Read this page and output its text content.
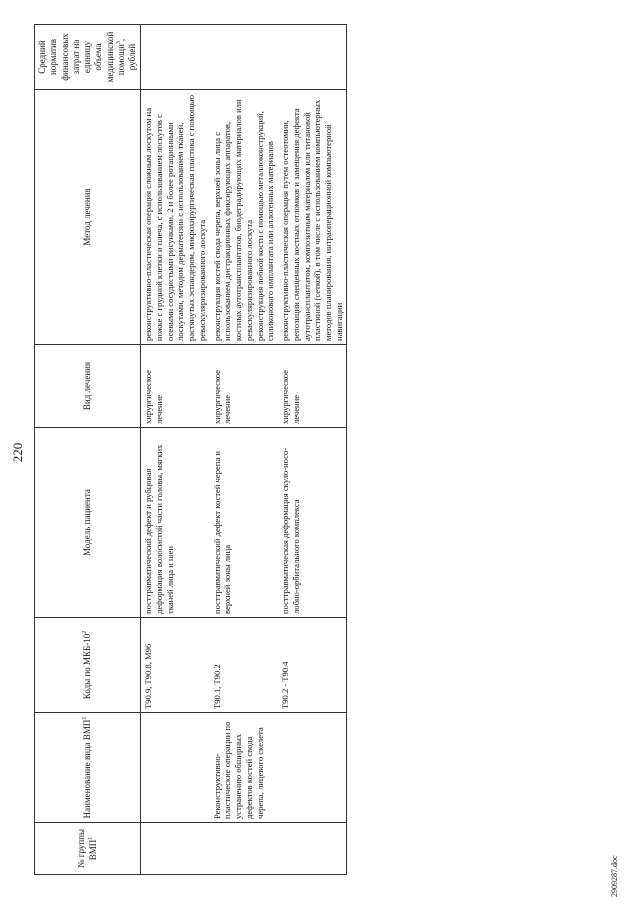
220
№ группы ВМП$^1$	Наименование вида ВМП$^1$	Коды по МКБ-$10^2$	Модель пациента	Вид лечения	Метод лечения	Средний норматив финансовых затрат на единицу объема медицинской помощи$^3$, рублей
		T90.9, T90.8, M96	посттравматический дефект и рубцовая деформация волосистой части головы, мягких тканей лица и шеи	хирургическое лечение	реконструктивно-пластическая операция сложным лоскутом на ножке с грудной клетки и плеча, с использованием лоскутов с осевыми сосудистыми рисунками, 2 и более ротационными лоскутами, методом дерматензии с использованием тканей, растянутых эспандером, микрохирургическая пластика с помощью реваскуляризированного лоскута	
	Реконструктивно-пластические операции по устранению обширных дефектов костей свода черепа, лицевого скелета	T90.1, T90.2	посттравматический дефект костей черепа и верхней зоны лица	хирургическое лечение	реконструкция костей свода черепа, верхней зоны лица с использованием дистракционных фиксирующих аппаратов, костных аутотрансплантатов, биодеградирующих материалов или реваскуляризированного лоскута
реконструкция лобной кости с помощью металлоконструкций, силиконового имплантата или аллогенных материалов	
		T90.2 - T90.4	посттравматическая деформация скуло-носо-лобно-орбитального комплекса	хирургическое лечение	реконструктивно-пластическая операция путем остеотомии, репозиции смещенных костных отломков и замещения дефекта аутотрансплантатом, композитным материалом или титановой пластиной (сеткой), в том числе с использованием компьютерных методов планирования, интраоперационной компьютерной навигации	
2909287.doc
